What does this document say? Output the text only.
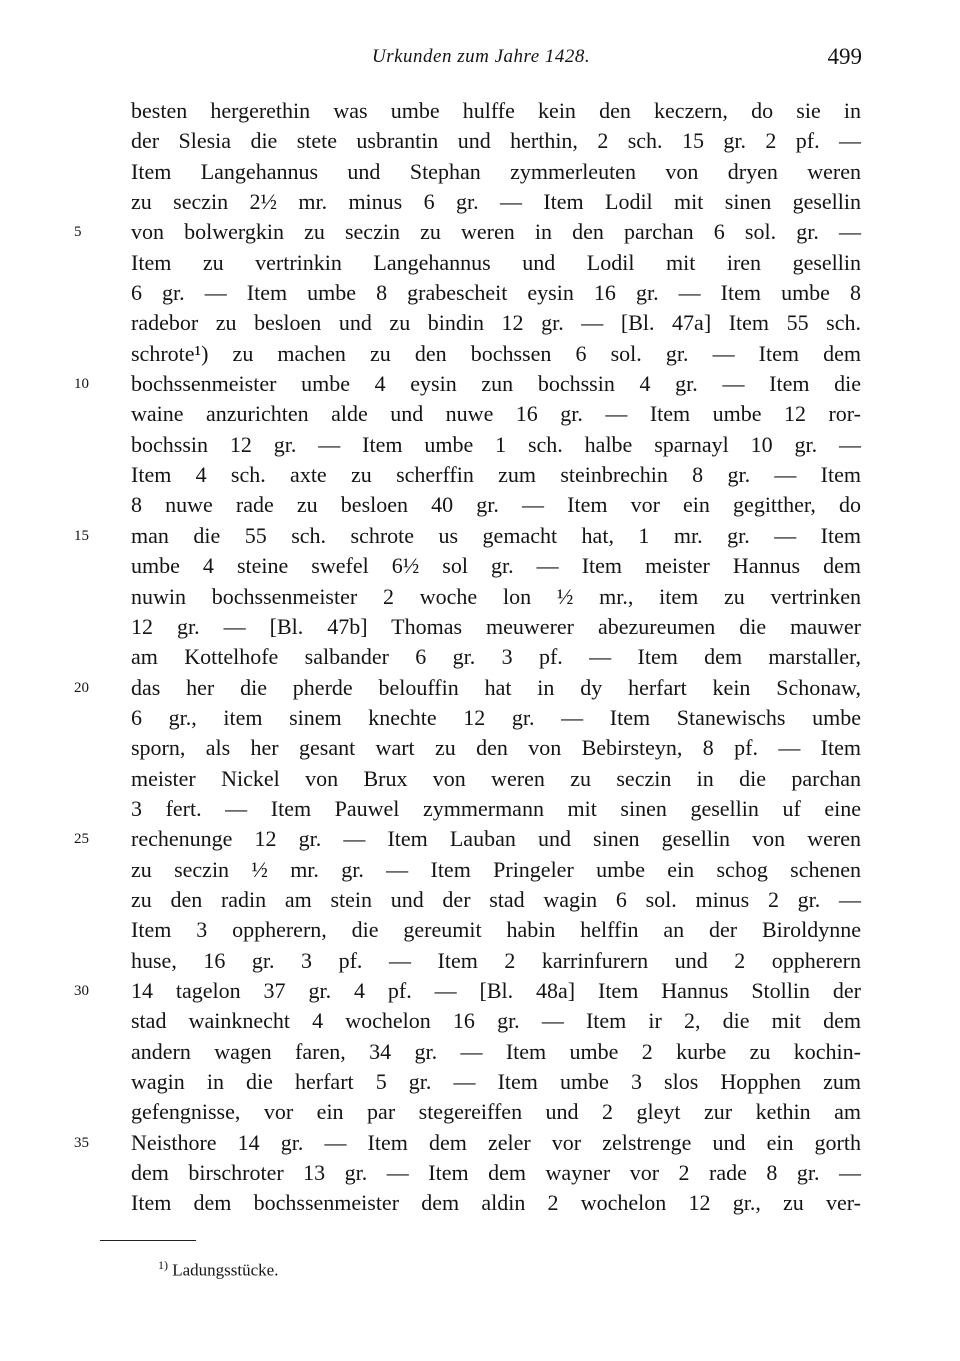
Urkunden zum Jahre 1428.	499
besten hergerethin was umbe hulffe kein den keczern, do sie in
der Slesia die stete usbrantin und herthin, 2 sch. 15 gr. 2 pf. —
Item Langehannus und Stephan zymmerleuten von dryen weren
zu seczin 2½ mr. minus 6 gr. — Item Lodil mit sinen gesellin
5	von bolwergkin zu seczin zu weren in den parchan 6 sol. gr. —
Item zu vertrinkin Langehannus und Lodil mit iren gesellin
6 gr. — Item umbe 8 grabescheit eysin 16 gr. — Item umbe 8
radebor zu besloen und zu bindin 12 gr. — [Bl. 47a] Item 55 sch.
schrote¹) zu machen zu den bochssen 6 sol. gr. — Item dem
10	bochssenmeister umbe 4 eysin zun bochssin 4 gr. — Item die
waine anzurichten alde und nuwe 16 gr. — Item umbe 12 ror-
bochssin 12 gr. — Item umbe 1 sch. halbe sparnayl 10 gr. —
Item 4 sch. axte zu scherffin zum steinbrechin 8 gr. — Item
8 nuwe rade zu besloen 40 gr. — Item vor ein gegitther, do
15	man die 55 sch. schrote us gemacht hat, 1 mr. gr. — Item
umbe 4 steine swefel 6½ sol gr. — Item meister Hannus dem
nuwin bochssenmeister 2 woche lon ½ mr., item zu vertrinken
12 gr. — [Bl. 47b] Thomas meuwerer abezureumen die mauwer
am Kottelhofe salbander 6 gr. 3 pf. — Item dem marstaller,
20	das her die pherde belouffin hat in dy herfart kein Schonaw,
6 gr., item sinem knechte 12 gr. — Item Stanewischs umbe
sporn, als her gesant wart zu den von Bebirsteyn, 8 pf. — Item
meister Nickel von Brux von weren zu seczin in die parchan
3 fert. — Item Pauwel zymmermann mit sinen gesellin uf eine
25	rechenunge 12 gr. — Item Lauban und sinen gesellin von weren
zu seczin ½ mr. gr. — Item Pringeler umbe ein schog schenen
zu den radin am stein und der stad wagin 6 sol. minus 2 gr. —
Item 3 oppherern, die gereumit habin helffin an der Biroldynne
huse, 16 gr. 3 pf. — Item 2 karrinfurern und 2 oppherern
30	14 tagelon 37 gr. 4 pf. — [Bl. 48a] Item Hannus Stollin der
stad wainknecht 4 wochelon 16 gr. — Item ir 2, die mit dem
andern wagen faren, 34 gr. — Item umbe 2 kurbe zu kochin-
wagin in die herfart 5 gr. — Item umbe 3 slos Hopphen zum
gefengnisse, vor ein par stegereiffen und 2 gleyt zur kethin am
35	Neisthore 14 gr. — Item dem zeler vor zelstrenge und ein gorth
dem birschroter 13 gr. — Item dem wayner vor 2 rade 8 gr. —
Item dem bochssenmeister dem aldin 2 wochelon 12 gr., zu ver-
$^{1)}$ Ladungsstücke.
